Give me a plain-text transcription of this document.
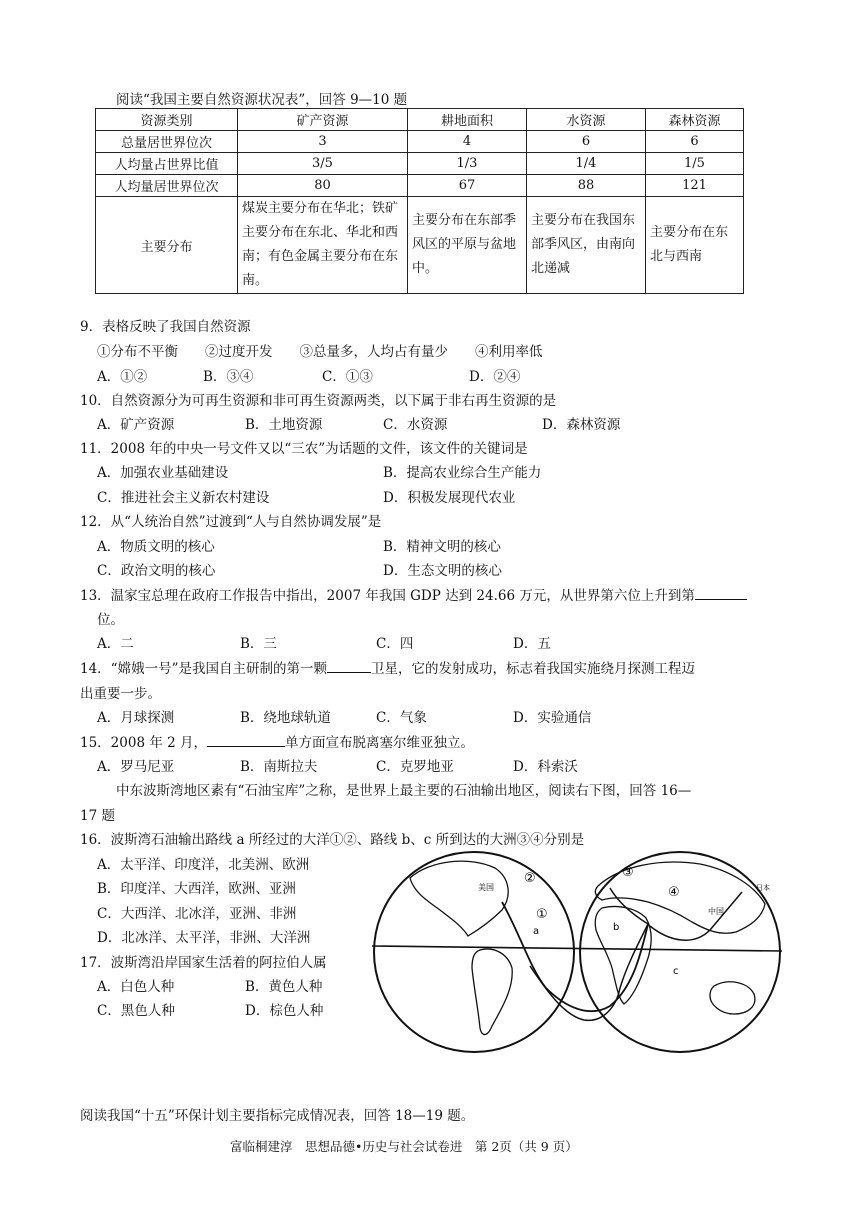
阅读“我国主要自然资源状况表”，回答 9—10 题
资源类别	矿产资源	耕地面积	水资源	森林资源
总量居世界位次	3	4	6	6
人均量占世界比值	3/5	1/3	1/4	1/5
人均量居世界位次	80	67	88	121
主要分布	煤炭主要分布在华北；铁矿主要分布在东北、华北和西南；有色金属主要分布在东南。	主要分布在东部季风区的平原与盆地中。	主要分布在我国东部季风区，由南向北递减	主要分布在东北与西南
9．表格反映了我国自然资源
①分布不平衡　　②过度开发　　③总量多，人均占有量少　　④利用率低
A．①②	B．③④	C．①③	D．②④
10．自然资源分为可再生资源和非可再生资源两类，以下属于非右再生资源的是
A．矿产资源	B．土地资源	C．水资源	D．森林资源
11．2008 年的中央一号文件又以“三农”为话题的文件，该文件的关键词是
A．加强农业基础建设	B．提高农业综合生产能力
C．推进社会主义新农村建设	D．积极发展现代农业
12．从“人统治自然”过渡到“人与自然协调发展”是
A．物质文明的核心	B．精神文明的核心
C．政治文明的核心	D．生态文明的核心
13．温家宝总理在政府工作报告中指出，2007 年我国 GDP 达到 24.66 万元，从世界第六位上升到第
位。
A．二	B．三	C．四	D．五
14．“嫦娥一号”是我国自主研制的第一颗	卫星，它的发射成功，标志着我国实施绕月探测工程迈
出重要一步。
A．月球探测	B．绕地球轨道	C．气象	D．实验通信
15．2008 年 2 月，	单方面宣布脱离塞尔维亚独立。
A．罗马尼亚	B．南斯拉夫	C．克罗地亚	D．科索沃
中东波斯湾地区素有“石油宝库”之称，是世界上最主要的石油输出地区，阅读右下图，回答 16—
17 题
16．波斯湾石油输出路线 a 所经过的大洋①②、路线 b、c 所到达的大洲③④分别是
A．太平洋、印度洋，北美洲、欧洲
B．印度洋、大西洋，欧洲、亚洲
C．大西洋、北冰洋，亚洲、非洲
D．北冰洋、太平洋，非洲、大洋洲
17．波斯湾沿岸国家生活着的阿拉伯人属
A．白色人种	B．黄色人种
C．黑色人种	D．棕色人种
①
②	③
④
美国
中国
日本
a	b
c
阅读我国“十五”环保计划主要指标完成情况表，回答 18—19 题。
富临桐建淳　思想品德•历史与社会试卷进　第 2页（共 9 页）
